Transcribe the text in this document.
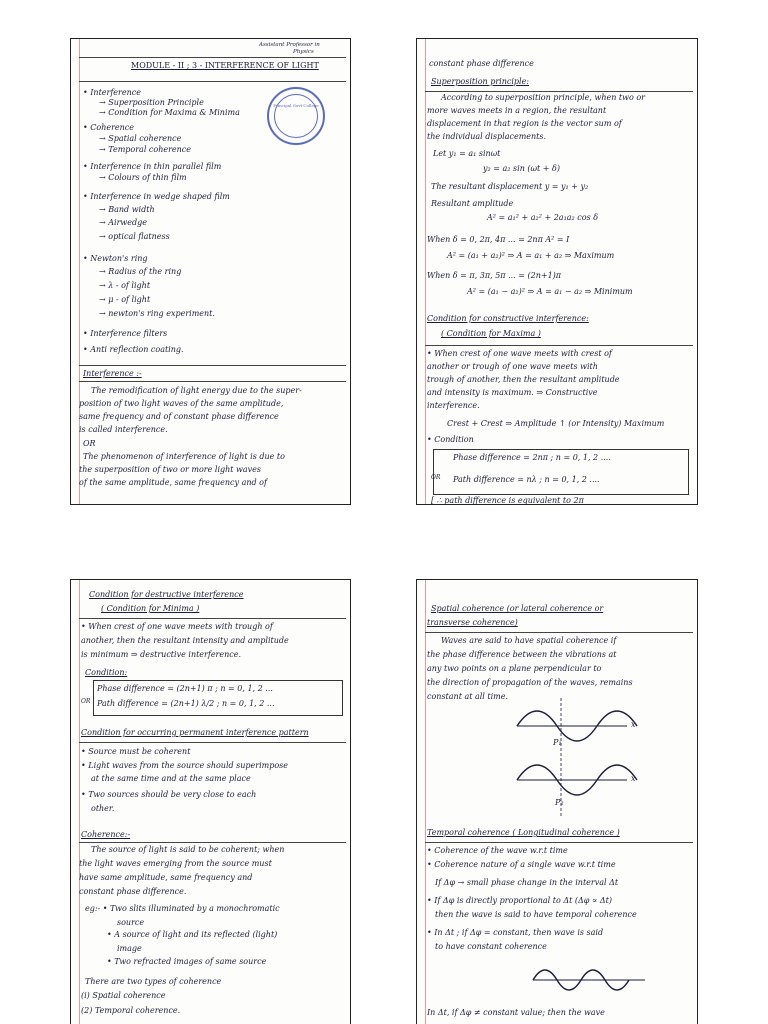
Assistant Professor in
Physics
MODULE - II ; 3 - INTERFERENCE OF LIGHT
Principal Govt College
• Interference
→ Superposition Principle
→ Condition for Maxima & Minima
• Coherence
→ Spatial coherence
→ Temporal coherence
• Interference in thin parallel film
→ Colours of thin film
• Interference in wedge shaped film
→ Band width
→ Airwedge
→ optical flatness
• Newton's ring
→ Radius of the ring
→ λ - of light
→ μ - of light
→ newton's ring experiment.
• Interference filters
• Anti reflection coating.
Interference :-
The remodification of light energy due to the super-
position of two light waves of the same amplitude,
same frequency and of constant phase difference
is called interference.
OR
The phenomenon of interference of light is due to
the superposition of two or more light waves
of the same amplitude, same frequency and of
constant phase difference
Superposition principle:
According to superposition principle, when two or
more waves meets in a region, the resultant
displacement in that region is the vector sum of
the individual displacements.
Let y₁ = a₁ sinωt
y₂ = a₂ sin (ωt + δ)
The resultant displacement y = y₁ + y₂
Resultant amplitude
A² = a₁² + a₂² + 2a₁a₂ cos δ
When δ = 0, 2π, 4π ... = 2nπ A² = I
A² = (a₁ + a₂)² ⇒ A = a₁ + a₂ ⇒ Maximum
When δ = π, 3π, 5π ... = (2n+1)π
A² = (a₁ − a₂)² ⇒ A = a₁ − a₂ ⇒ Minimum
Condition for constructive interference:
( Condition for Maxima )
• When crest of one wave meets with crest of
another or trough of one wave meets with
trough of another, then the resultant amplitude
and intensity is maximum. ⇒ Constructive
interference.
Crest + Crest ⇒ Amplitude ↑ (or Intensity) Maximum
• Condition
Phase difference = 2nπ ; n = 0, 1, 2 ....
OR Path difference = nλ ; n = 0, 1, 2 ....
[ ∴ path difference is equivalent to 2π
Condition for destructive interference
( Condition for Minima )
• When crest of one wave meets with trough of
another, then the resultant intensity and amplitude
is minimum ⇒ destructive interference.
Condition:
Phase difference = (2n+1) π ; n = 0, 1, 2 ...
OR Path difference = (2n+1) λ/2 ; n = 0, 1, 2 ...
Condition for occurring permanent interference pattern
• Source must be coherent
• Light waves from the source should superimpose
at the same time and at the same place
• Two sources should be very close to each
other.
Coherence:-
The source of light is said to be coherent; when
the light waves emerging from the source must
have same amplitude, same frequency and
constant phase difference.
eg:- • Two slits illuminated by a monochromatic
source
• A source of light and its reflected (light)
image
• Two refracted images of same source
There are two types of coherence
(i) Spatial coherence
(2) Temporal coherence.
Spatial coherence (or lateral coherence or
transverse coherence)
Waves are said to have spatial coherence if
the phase difference between the vibrations at
any two points on a plane perpendicular to
the direction of propagation of the waves, remains
constant at all time.
x
P₁
x
P₂
Temporal coherence ( Longitudinal coherence )
• Coherence of the wave w.r.t time
• Coherence nature of a single wave w.r.t time
If Δφ → small phase change in the interval Δt
• If Δφ is directly proportional to Δt (Δφ ∝ Δt)
then the wave is said to have temporal coherence
• In Δt ; if Δφ = constant, then wave is said
to have constant coherence
In Δt, if Δφ ≠ constant value; then the wave
